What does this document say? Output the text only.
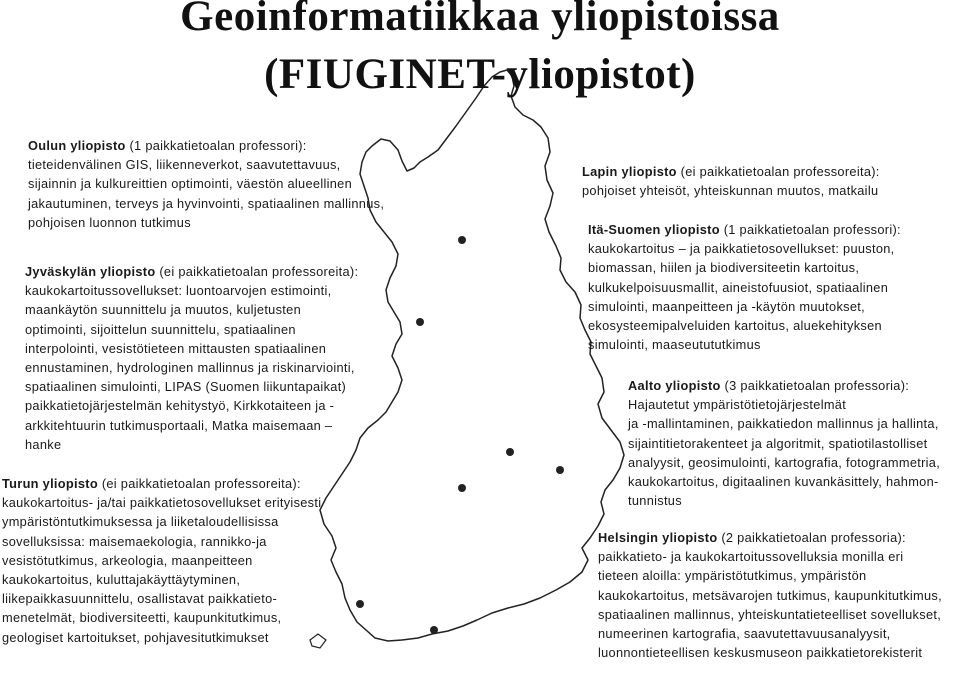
Geoinformatiikkaa yliopistoissa
(FIUGINET-yliopistot)
Oulun yliopisto (1 paikkatietoalan professori):
tieteidenvälinen GIS, liikenneverkot, saavutettavuus,
sijainnin ja kulkureittien optimointi, väestön alueellinen
jakautuminen, terveys ja hyvinvointi, spatiaalinen mallinnus,
pohjoisen luonnon tutkimus
Jyväskylän yliopisto (ei paikkatietoalan professoreita):
kaukokartoitussovellukset: luontoarvojen estimointi,
maankäytön suunnittelu ja muutos, kuljetusten
optimointi, sijoittelun suunnittelu, spatiaalinen
interpolointi, vesistötieteen mittausten spatiaalinen
ennustaminen, hydrologinen mallinnus ja riskinarviointi,
spatiaalinen simulointi, LIPAS (Suomen liikuntapaikat)
paikkatietojärjestelmän kehitystyö, Kirkkotaiteen ja -
arkkitehtuurin tutkimusportaali, Matka maisemaan –
hanke
Turun yliopisto (ei paikkatietoalan professoreita):
kaukokartoitus- ja/tai paikkatietosovellukset erityisesti
ympäristöntutkimuksessa ja liiketaloudellisissa
sovelluksissa: maisemaekologia, rannikko-ja
vesistötutkimus, arkeologia, maanpeitteen
kaukokartoitus, kuluttajakäyttäytyminen,
liikepaikkasuunnittelu, osallistavat paikkatieto-
menetelmät, biodiversiteetti, kaupunkitutkimus,
geologiset kartoitukset, pohjavesitutkimukset
Lapin yliopisto (ei paikkatietoalan professoreita):
pohjoiset yhteisöt, yhteiskunnan muutos, matkailu
Itä-Suomen yliopisto (1 paikkatietoalan professori):
kaukokartoitus – ja paikkatietosovellukset: puuston,
biomassan, hiilen ja biodiversiteetin kartoitus,
kulkukelpoisuusmallit, aineistofuusiot, spatiaalinen
simulointi, maanpeitteen ja -käytön muutokset,
ekosysteemipalveluiden kartoitus, aluekehityksen
simulointi, maaseutututkimus
Aalto yliopisto (3 paikkatietoalan professoria):
Hajautetut ympäristötietojärjestelmät
ja -mallintaminen, paikkatiedon mallinnus ja hallinta,
sijaintitietorakenteet ja algoritmit, spatiotilastolliset
analyysit, geosimulointi, kartografia, fotogrammetria,
kaukokartoitus, digitaalinen kuvankäsittely, hahmon-
tunnistus
Helsingin yliopisto (2 paikkatietoalan professoria):
paikkatieto- ja kaukokartoitussovelluksia monilla eri
tieteen aloilla: ympäristötutkimus, ympäristön
kaukokartoitus, metsävarojen tutkimus, kaupunkitutkimus,
spatiaalinen mallinnus, yhteiskuntatieteelliset sovellukset,
numeerinen kartografia, saavutettavuusanalyysit,
luonnontieteellisen keskusmuseon paikkatietorekisterit
